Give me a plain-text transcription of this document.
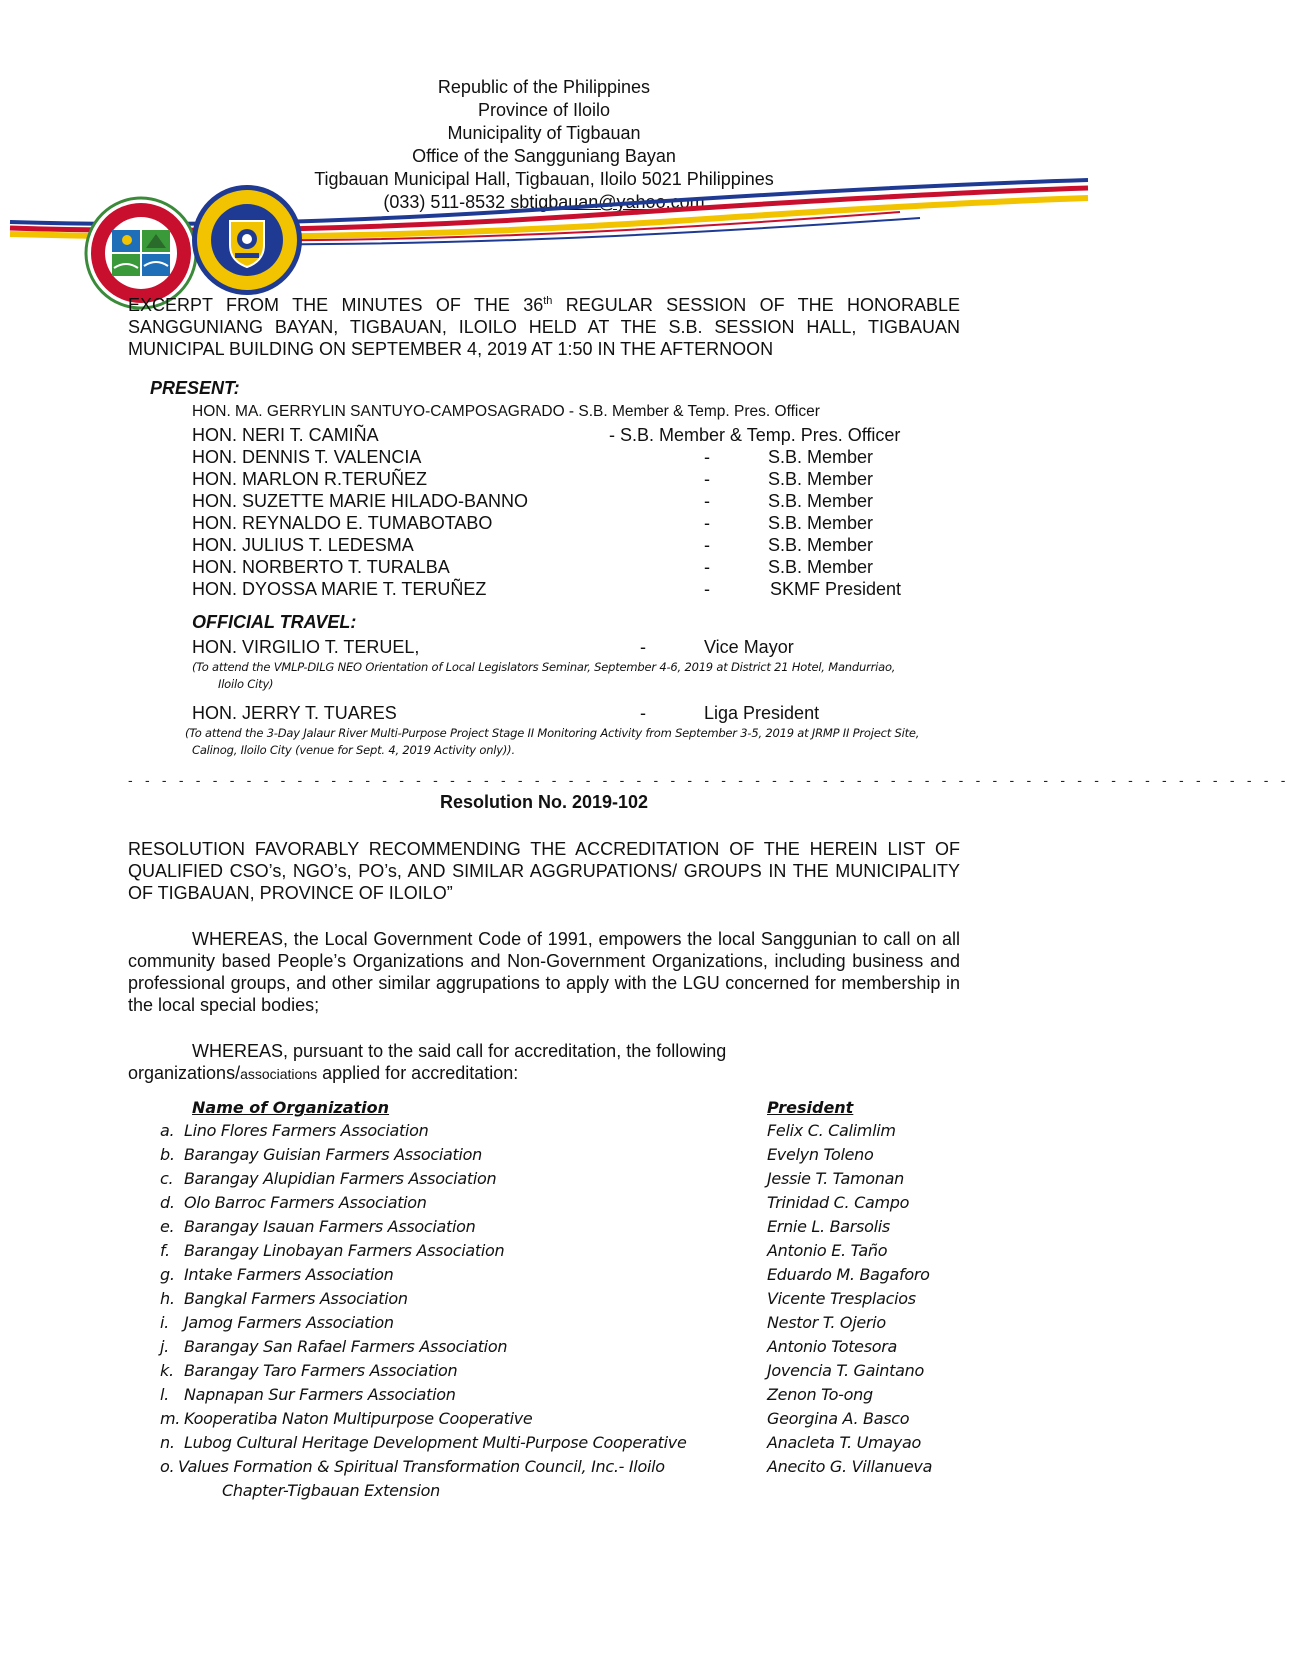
Republic of the Philippines
Province of Iloilo
Municipality of Tigbauan
Office of the Sangguniang Bayan
Tigbauan Municipal Hall, Tigbauan, Iloilo 5021 Philippines
(033) 511-8532 sbtigbauan@yahoo.com
EXCERPT FROM THE MINUTES OF THE 36th REGULAR SESSION OF THE HONORABLE SANGGUNIANG BAYAN, TIGBAUAN, ILOILO HELD AT THE S.B. SESSION HALL, TIGBAUAN MUNICIPAL BUILDING ON SEPTEMBER 4, 2019 AT 1:50 IN THE AFTERNOON
PRESENT:
HON. MA. GERRYLIN SANTUYO-CAMPOSAGRADO - S.B. Member & Temp. Pres. Officer
HON. NERI T. CAMIÑA	- S.B. Member & Temp. Pres. Officer
HON. DENNIS T. VALENCIA	-	S.B. Member
HON. MARLON R.TERUÑEZ	-	S.B. Member
HON. SUZETTE MARIE HILADO-BANNO	-	S.B. Member
HON. REYNALDO E. TUMABOTABO	-	S.B. Member
HON. JULIUS T. LEDESMA	-	S.B. Member
HON. NORBERTO T. TURALBA	-	S.B. Member
HON. DYOSSA MARIE T. TERUÑEZ	-	SKMF President
OFFICIAL TRAVEL:
HON. VIRGILIO T. TERUEL,	-	Vice Mayor
(To attend the VMLP-DILG NEO Orientation of Local Legislators Seminar, September 4-6, 2019 at District 21 Hotel, Mandurriao,
Iloilo City)
HON. JERRY T. TUARES	-	Liga President
(To attend the 3-Day Jalaur River Multi-Purpose Project Stage II Monitoring Activity from September 3-5, 2019 at JRMP II Project Site,
Calinog, Iloilo City (venue for Sept. 4, 2019 Activity only)).
- - - - - - - - - - - - - - - - - - - - - - - - - - - - - - - - - - - - - - - - - - - - - - - - - - - - - - - - - - - - - - - - - - - - -
Resolution No. 2019-102
RESOLUTION FAVORABLY RECOMMENDING THE ACCREDITATION OF THE HEREIN LIST OF QUALIFIED CSO’s, NGO’s, PO’s, AND SIMILAR AGGRUPATIONS/ GROUPS IN THE MUNICIPALITY OF TIGBAUAN, PROVINCE OF ILOILO”
WHEREAS, the Local Government Code of 1991, empowers the local Sanggunian to call on all community based People’s Organizations and Non-Government Organizations, including business and professional groups, and other similar aggrupations to apply with the LGU concerned for membership in the local special bodies;
WHEREAS, pursuant to the said call for accreditation, the following
organizations/associations applied for accreditation:
Name of Organization	President
a. Lino Flores Farmers Association	Felix C. Calimlim
b. Barangay Guisian Farmers Association	Evelyn Toleno
c. Barangay Alupidian Farmers Association	Jessie T. Tamonan
d. Olo Barroc Farmers Association	Trinidad C. Campo
e. Barangay Isauan Farmers Association	Ernie L. Barsolis
f. Barangay Linobayan Farmers Association	Antonio E. Taño
g. Intake Farmers Association	Eduardo M. Bagaforo
h. Bangkal Farmers Association	Vicente Tresplacios
i. Jamog Farmers Association	Nestor T. Ojerio
j. Barangay San Rafael Farmers Association	Antonio Totesora
k. Barangay Taro Farmers Association	Jovencia T. Gaintano
l. Napnapan Sur Farmers Association	Zenon To-ong
m. Kooperatiba Naton Multipurpose Cooperative	Georgina A. Basco
n. Lubog Cultural Heritage Development Multi-Purpose Cooperative	Anacleta T. Umayao
o. Values Formation & Spiritual Transformation Council, Inc.- Iloilo	Anecito G. Villanueva
Chapter-Tigbauan Extension
